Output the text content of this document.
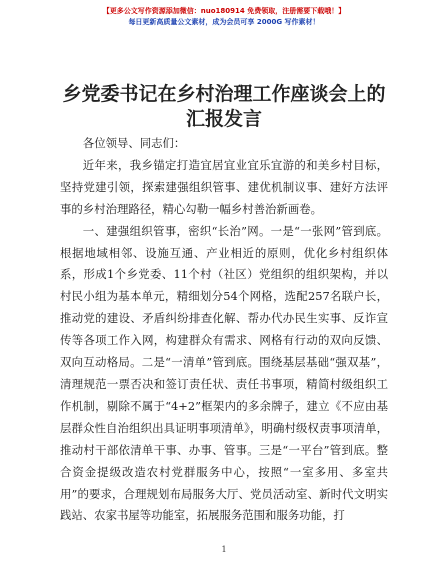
【更多公文写作资源添加微信：nuo180914 免费领取，注册需要下载哦！】
每日更新高质量公文素材，成为会员可享 2000G 写作素材！
乡党委书记在乡村治理工作座谈会上的汇报发言

各位领导、同志们：

近年来，我乡锚定打造宜居宜业宜乐宜游的和美乡村目标，坚持党建引领，探索建强组织管事、建优机制议事、建好方法评事的乡村治理路径，精心勾勒一幅乡村善治新画卷。

一、建强组织管事，密织“长治”网。一是“一张网”管到底。根据地域相邻、设施互通、产业相近的原则，优化乡村组织体系，形成1个乡党委、11个村（社区）党组织的组织架构，并以村民小组为基本单元，精细划分54个网格，选配257名联户长，推动党的建设、矛盾纠纷排查化解、帮办代办民生实事、反诈宣传等各项工作入网，构建群众有需求、网格有行动的双向反馈、双向互动格局。二是“一清单”管到底。围绕基层基础“强双基”，清理规范一票否决和签订责任状、责任书事项，精简村级组织工作机制，剔除不属于“4+2”框架内的多余牌子，建立《不应由基层群众性自治组织出具证明事项清单》，明确村级权责事项清单，推动村干部依清单干事、办事、管事。三是“一平台”管到底。整合资金提级改造农村党群服务中心，按照“一室多用、多室共用”的要求，合理规划布局服务大厅、党员活动室、新时代文明实践站、农家书屋等功能室，拓展服务范围和服务功能，打

1
